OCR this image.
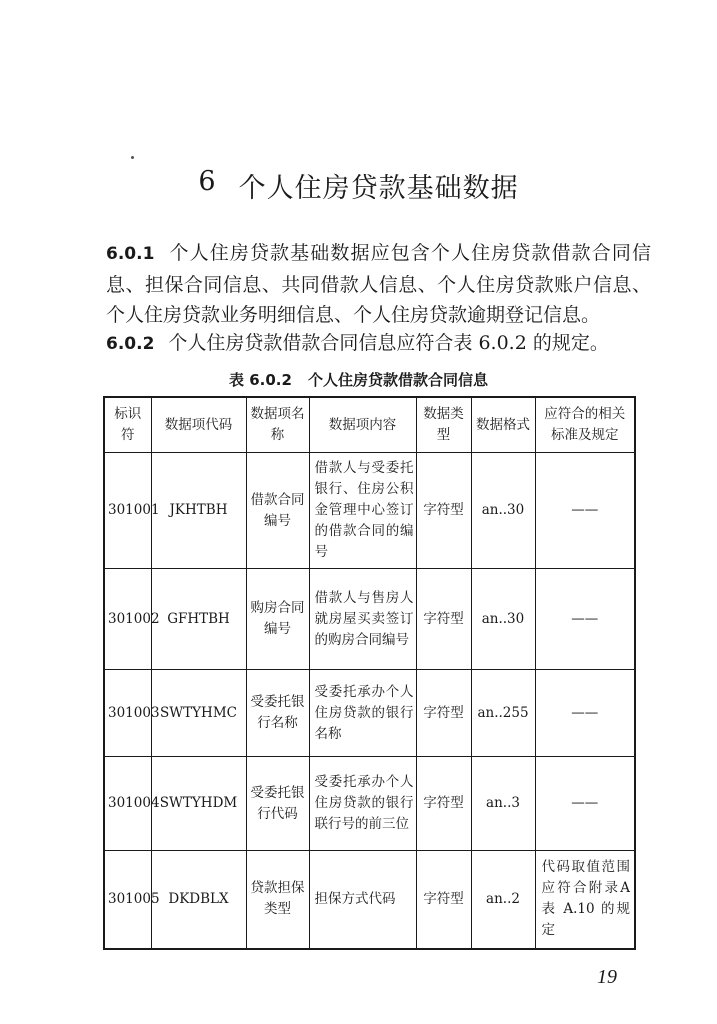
6 个人住房贷款基础数据
6.0.1 个人住房贷款基础数据应包含个人住房贷款借款合同信息、担保合同信息、共同借款人信息、个人住房贷款账户信息、个人住房贷款业务明细信息、个人住房贷款逾期登记信息。
6.0.2 个人住房贷款借款合同信息应符合表 6.0.2 的规定。
表 6.0.2 个人住房贷款借款合同信息
标识符	数据项代码	数据项名称	数据项内容	数据类型	数据格式	应符合的相关标准及规定
301001	JKHTBH	借款合同编号	借款人与受委托银行、住房公积金管理中心签订的借款合同的编号	字符型	an..30	——
301002	GFHTBH	购房合同编号	借款人与售房人就房屋买卖签订的购房合同编号	字符型	an..30	——
301003	SWTYHMC	受委托银行名称	受委托承办个人住房贷款的银行名称	字符型	an..255	——
301004	SWTYHDM	受委托银行代码	受委托承办个人住房贷款的银行联行号的前三位	字符型	an..3	——
301005	DKDBLX	贷款担保类型	担保方式代码	字符型	an..2	代码取值范围应符合附录A 表 A.10 的规定
19
